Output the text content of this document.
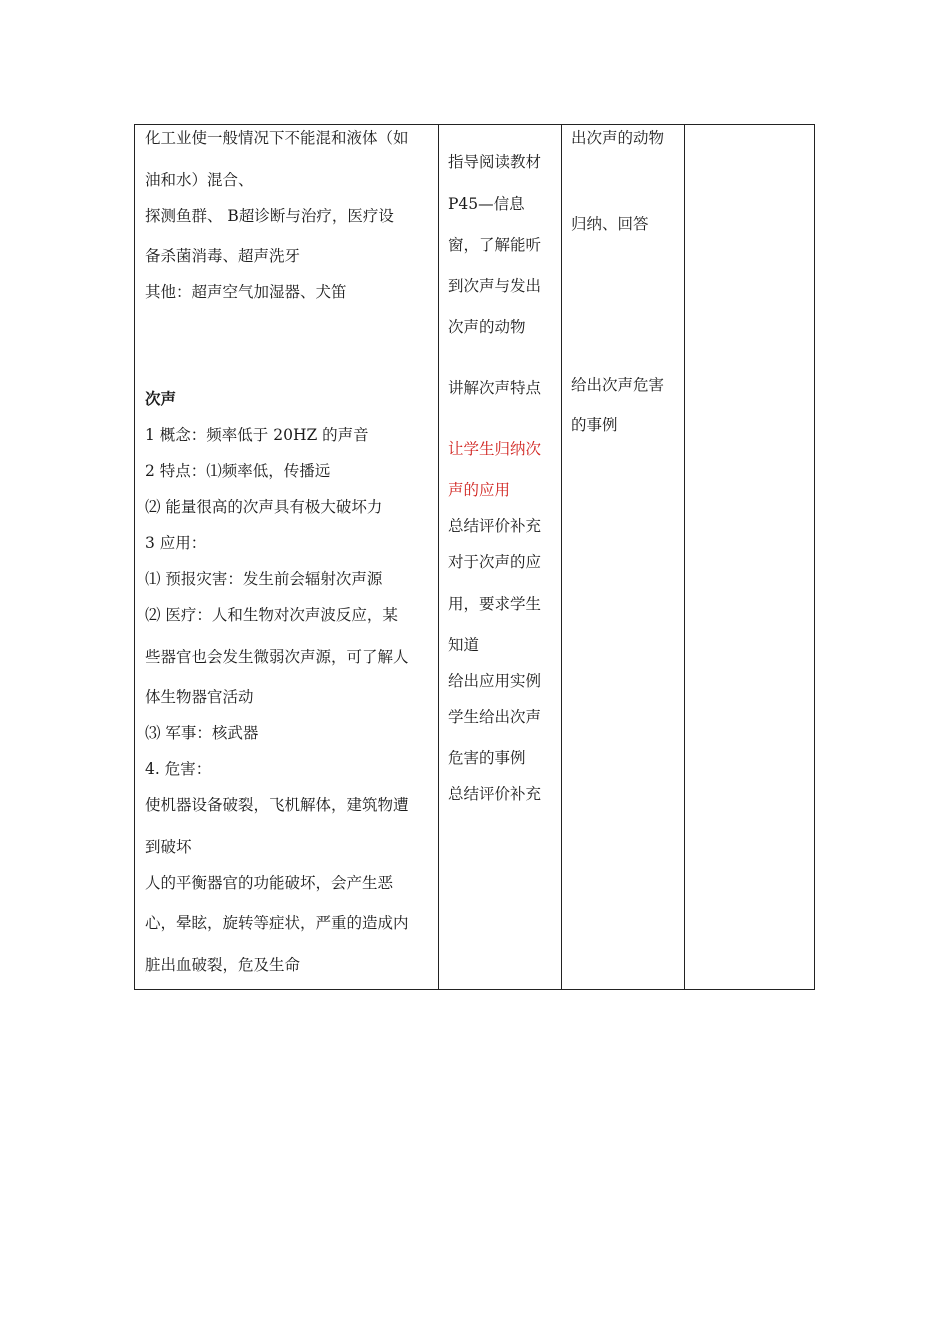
化工业使一般情况下不能混和液体（如
油和水）混合、
探测鱼群、 B超诊断与治疗，医疗设
备杀菌消毒、超声洗牙
其他：超声空气加湿器、犬笛
次声
1 概念：频率低于 20HZ 的声音
2 特点：⑴频率低，传播远
⑵ 能量很高的次声具有极大破坏力
3 应用：
⑴ 预报灾害：发生前会辐射次声源
⑵ 医疗：人和生物对次声波反应，某
些器官也会发生微弱次声源，可了解人
体生物器官活动
⑶ 军事：核武器
4. 危害：
使机器设备破裂，飞机解体，建筑物遭
到破坏
人的平衡器官的功能破坏，会产生恶
心，晕眩，旋转等症状，严重的造成内
脏出血破裂，危及生命
指导阅读教材
P45—信息
窗，了解能听
到次声与发出
次声的动物
讲解次声特点
让学生归纳次
声的应用
总结评价补充
对于次声的应
用，要求学生
知道
给出应用实例
学生给出次声
危害的事例
总结评价补充
出次声的动物
归纳、回答
给出次声危害
的事例
